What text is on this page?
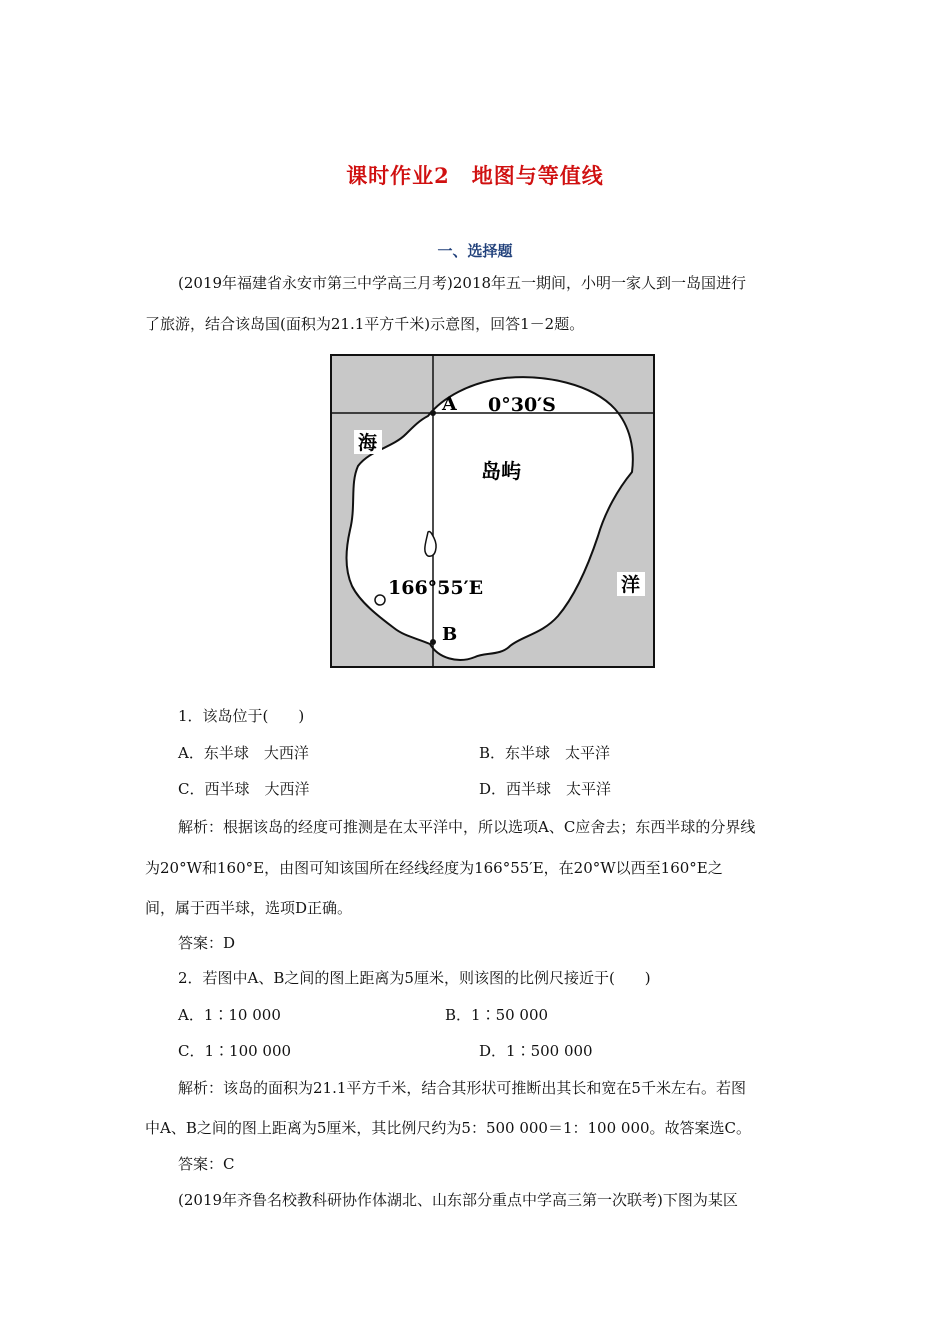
课时作业2　地图与等值线
一、选择题
(2019年福建省永安市第三中学高三月考)2018年五一期间，小明一家人到一岛国进行
了旅游，结合该岛国(面积为21.1平方千米)示意图，回答1－2题。
A
B
0°30′S
166°55′E
海
岛屿
洋
1．该岛位于(　　)
A．东半球　大西洋	B．东半球　太平洋
C．西半球　大西洋	D．西半球　太平洋
解析：根据该岛的经度可推测是在太平洋中，所以选项A、C应舍去；东西半球的分界线
为20°W和160°E，由图可知该国所在经线经度为166°55′E，在20°W以西至160°E之
间，属于西半球，选项D正确。
答案：D
2．若图中A、B之间的图上距离为5厘米，则该图的比例尺接近于(　　)
A．1∶10 000	B．1∶50 000
C．1∶100 000	D．1∶500 000
解析：该岛的面积为21.1平方千米，结合其形状可推断出其长和宽在5千米左右。若图
中A、B之间的图上距离为5厘米，其比例尺约为5：500 000＝1：100 000。故答案选C。
答案：C
(2019年齐鲁名校教科研协作体湖北、山东部分重点中学高三第一次联考)下图为某区
